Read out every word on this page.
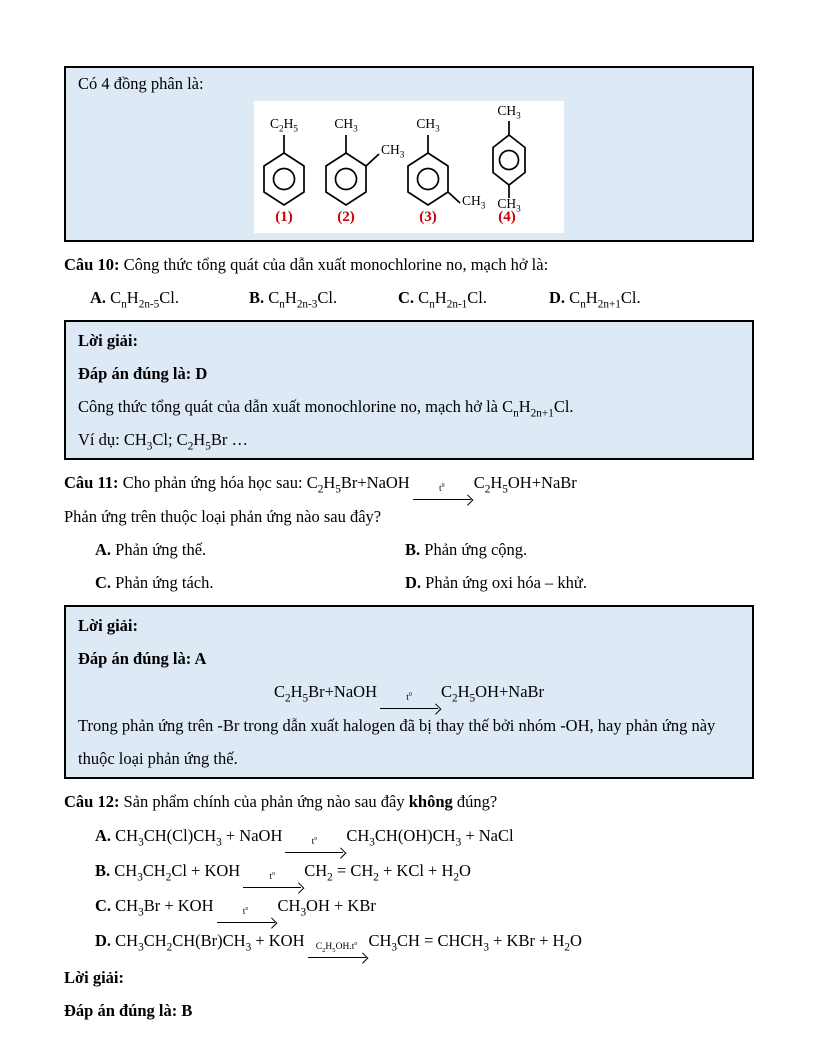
Có 4 đồng phân là:

$C_2H_5$	$CH_3$
$CH_3$
$CH_3$
$CH_3$
$CH_3$
$CH_3$
(1)	(2)	(3)	(4)

Câu 10: Công thức tổng quát của dẫn xuất monochlorine no, mạch hở là:

A. $C_nH_{2n-5}Cl$.	B. $C_nH_{2n-3}Cl$.	C. $C_nH_{2n-1}Cl$.	D. $C_nH_{2n+1}Cl$.

Lời giải:

Đáp án đúng là: D

Công thức tổng quát của dẫn xuất monochlorine no, mạch hở là $C_nH_{2n+1}Cl$.

Ví dụ: $CH_3Cl$; $C_2H_5Br$ …

Câu 11: Cho phản ứng hóa học sau: $C_2H_5Br+NaOH$	$t^0$ $C_2H_5OH+NaBr$

Phản ứng trên thuộc loại phản ứng nào sau đây?

A. Phản ứng thế.	B. Phản ứng cộng.
C. Phản ứng tách.	D. Phản ứng oxi hóa – khử.

Lời giải:

Đáp án đúng là: A

$C_2H_5Br+NaOH$	$t^0$ $C_2H_5OH+NaBr$

Trong phản ứng trên -Br trong dẫn xuất halogen đã bị thay thế bởi nhóm -OH, hay phản ứng này thuộc loại phản ứng thế.

Câu 12: Sản phẩm chính của phản ứng nào sau đây không đúng?

A. $CH_3CH(Cl)CH_3$ + NaOH	$t^o$ $CH_3CH(OH)CH_3$ + NaCl

B. $CH_3CH_2Cl$ + KOH	$t^o$ $CH_2 = CH_2$ + KCl + $H_2O$

C. $CH_3Br$ + KOH	$t^o$ $CH_3OH$ + KBr

D. $CH_3CH_2CH(Br)CH_3$ + KOH	$C_2H_5OH.t^o$ $CH_3CH$ = $CHCH_3$ + KBr + $H_2O$

Lời giải:

Đáp án đúng là: B
